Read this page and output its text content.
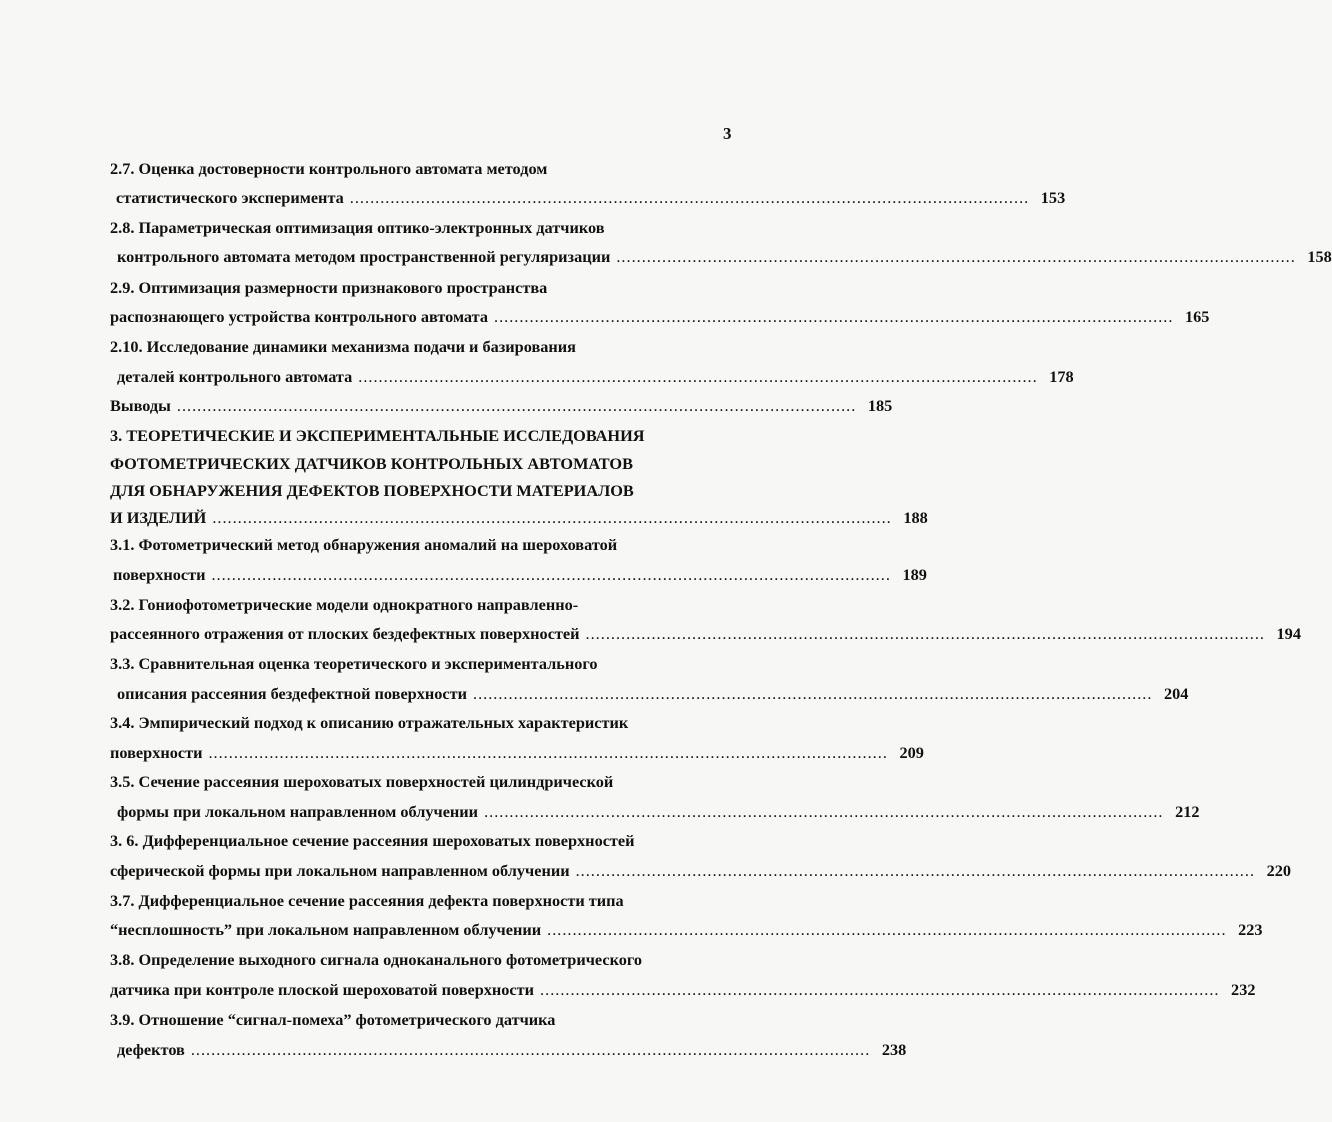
3
2.7. Оценка достоверности контрольного автомата методом
статистического эксперимента ...................................................................................................................................... 153
2.8. Параметрическая оптимизация оптико-электронных датчиков
контрольного автомата методом пространственной регуляризации ...................................................................................................................................... 158
2.9. Оптимизация размерности признакового пространства
распознающего устройства контрольного автомата ...................................................................................................................................... 165
2.10. Исследование динамики механизма подачи и базирования
деталей контрольного автомата ...................................................................................................................................... 178
Выводы ...................................................................................................................................... 185
3. ТЕОРЕТИЧЕСКИЕ И ЭКСПЕРИМЕНТАЛЬНЫЕ ИССЛЕДОВАНИЯ
ФОТОМЕТРИЧЕСКИХ ДАТЧИКОВ КОНТРОЛЬНЫХ АВТОМАТОВ
ДЛЯ ОБНАРУЖЕНИЯ ДЕФЕКТОВ ПОВЕРХНОСТИ МАТЕРИАЛОВ
И ИЗДЕЛИЙ ...................................................................................................................................... 188
3.1. Фотометрический метод обнаружения аномалий на шероховатой
поверхности ...................................................................................................................................... 189
3.2. Гониофотометрические модели однократного направленно-
рассеянного отражения от плоских бездефектных поверхностей ...................................................................................................................................... 194
3.3. Сравнительная оценка теоретического и экспериментального
описания рассеяния бездефектной поверхности ...................................................................................................................................... 204
3.4. Эмпирический подход к описанию отражательных характеристик
поверхности ...................................................................................................................................... 209
3.5. Сечение рассеяния шероховатых поверхностей цилиндрической
формы при локальном направленном облучении ...................................................................................................................................... 212
3. 6. Дифференциальное сечение рассеяния шероховатых поверхностей
сферической формы при локальном направленном облучении ...................................................................................................................................... 220
3.7. Дифференциальное сечение рассеяния дефекта поверхности типа
“несплошность” при локальном направленном облучении ...................................................................................................................................... 223
3.8. Определение выходного сигнала одноканального фотометрического
датчика при контроле плоской шероховатой поверхности ...................................................................................................................................... 232
3.9. Отношение “сигнал-помеха” фотометрического датчика
дефектов ...................................................................................................................................... 238
